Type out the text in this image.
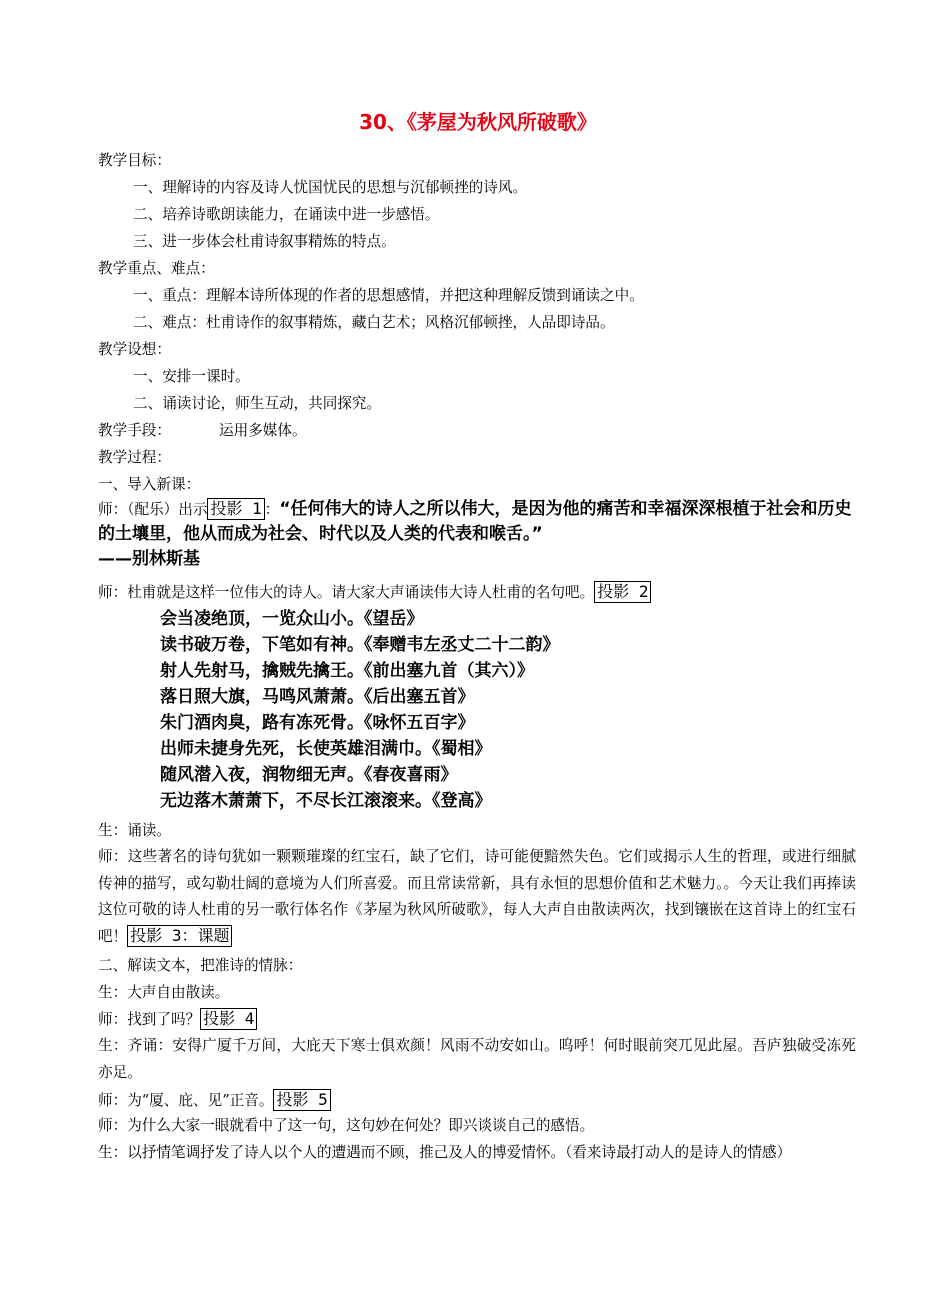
30、《茅屋为秋风所破歌》
教学目标：
一、理解诗的内容及诗人忧国忧民的思想与沉郁顿挫的诗风。
二、培养诗歌朗读能力，在诵读中进一步感悟。
三、进一步体会杜甫诗叙事精炼的特点。
教学重点、难点：
一、重点：理解本诗所体现的作者的思想感情，并把这种理解反馈到诵读之中。
二、难点：杜甫诗作的叙事精炼，藏白艺术；风格沉郁顿挫，人品即诗品。
教学设想：
一、安排一课时。
二、诵读讨论，师生互动，共同探究。
教学手段：	运用多媒体。
教学过程：
一、导入新课：
师：（配乐）出示 投影 1 ：“任何伟大的诗人之所以伟大，是因为他的痛苦和幸福深深根植于社会和历史的土壤里，他从而成为社会、时代以及人类的代表和喉舌。”
——别林斯基
师：杜甫就是这样一位伟大的诗人。请大家大声诵读伟大诗人杜甫的名句吧。 投影 2
会当凌绝顶，一览众山小。《望岳》
读书破万卷，下笔如有神。《奉赠韦左丞丈二十二韵》
射人先射马，擒贼先擒王。《前出塞九首（其六）》
落日照大旗，马鸣风萧萧。《后出塞五首》
朱门酒肉臭，路有冻死骨。《咏怀五百字》
出师未捷身先死，长使英雄泪满巾。《蜀相》
随风潜入夜，润物细无声。《春夜喜雨》
无边落木萧萧下，不尽长江滚滚来。《登高》
生：诵读。
师：这些著名的诗句犹如一颗颗璀璨的红宝石，缺了它们，诗可能便黯然失色。它们或揭示人生的哲理，或进行细腻传神的描写，或勾勒壮阔的意境为人们所喜爱。而且常读常新，具有永恒的思想价值和艺术魅力。。今天让我们再捧读这位可敬的诗人杜甫的另一歌行体名作《茅屋为秋风所破歌》，每人大声自由散读两次，找到镶嵌在这首诗上的红宝石吧！ 投影 3：课题
二、解读文本，把准诗的情脉：
生：大声自由散读。
师：找到了吗？ 投影 4
生：齐诵：安得广厦千万间，大庇天下寒士俱欢颜！风雨不动安如山。呜呼！何时眼前突兀见此屋。吾庐独破受冻死亦足。
师：为“厦、庇、见”正音。 投影 5
师：为什么大家一眼就看中了这一句，这句妙在何处？即兴谈谈自己的感悟。
生：以抒情笔调抒发了诗人以个人的遭遇而不顾，推己及人的博爱情怀。（看来诗最打动人的是诗人的情感）
